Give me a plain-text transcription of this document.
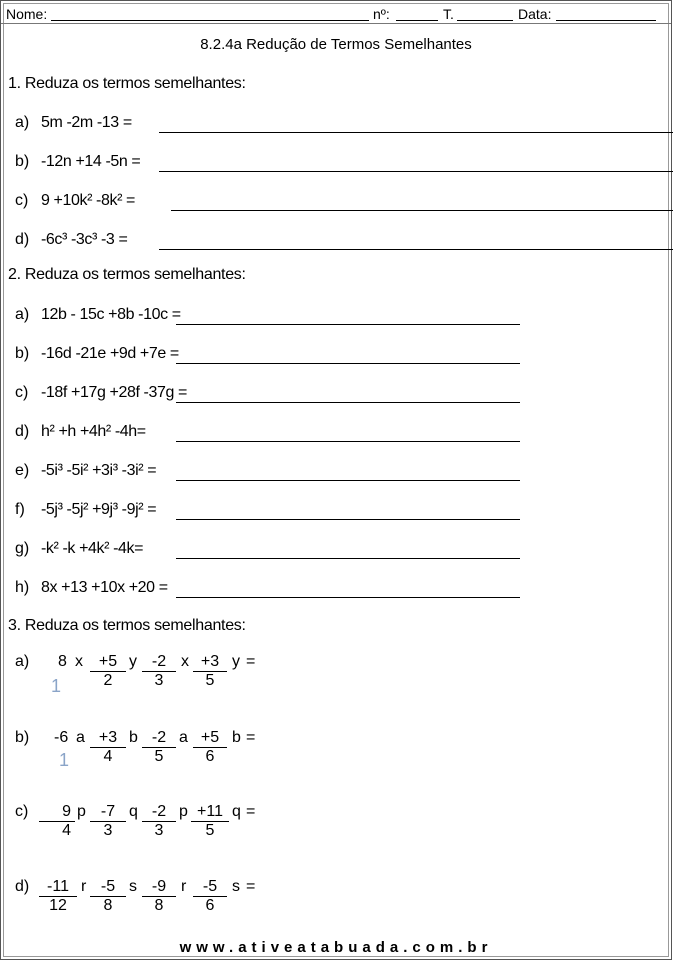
Nome:	nº:	T.	Data:
8.2.4a Redução de Termos Semelhantes
1. Reduza os termos semelhantes:
a) 5m -2m -13 =
b) -12n +14 -5n =
c) 9 +10k² -8k² =
d) -6c³ -3c³ -3 =
2. Reduza os termos semelhantes:
a) 12b - 15c +8b -10c =
b) -16d -21e +9d +7e =
c) -18f +17g +28f -37g =
d) h² +h +4h² -4h=
e) -5i³ -5i² +3i³ -3i² =
f) -5j³ -5j² +9j³ -9j² =
g) -k² -k +4k² -4k=
h) 8x +13 +10x +20 =
3. Reduza os termos semelhantes:
a) 8
1
x $\frac{+5}{2}$ y $\frac{-2}{3}$ x $\frac{+3}{5}$ y =
b) -6
1
a $\frac{+3}{4}$ b $\frac{-2}{5}$ a $\frac{+5}{6}$ b =
$c) \frac{9}{4}$ p $\frac{-7}{3}$ q $\frac{-2}{3}$ p $\frac{+11}{5}$ q =
$d) \frac{-11}{12}$ r $\frac{-5}{8}$ s $\frac{-9}{8}$ r $\frac{-5}{6}$ s =
www.ativeatabuada.com.br
